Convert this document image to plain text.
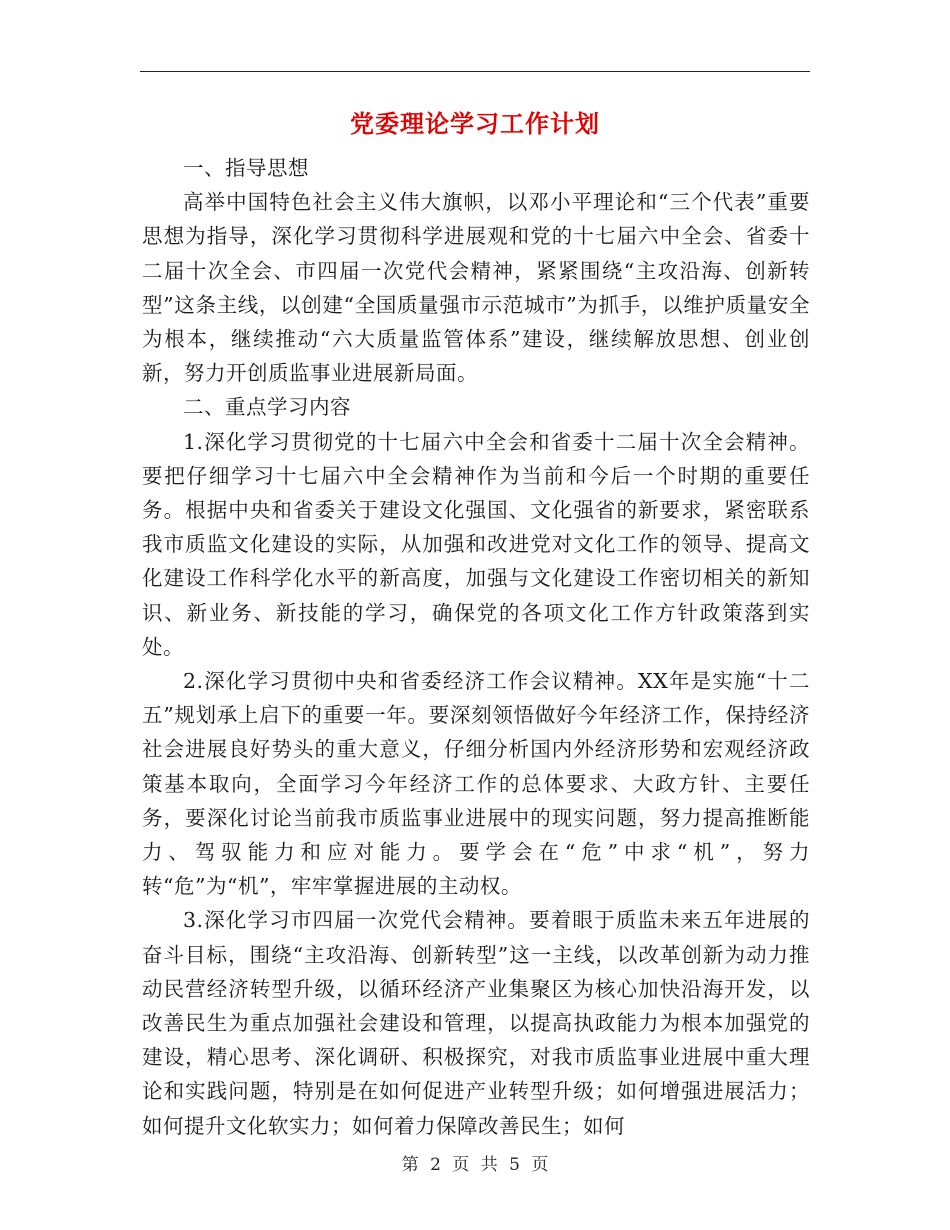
党委理论学习工作计划

一、指导思想

高举中国特色社会主义伟大旗帜，以邓小平理论和“三个代表”重要思想为指导，深化学习贯彻科学进展观和党的十七届六中全会、省委十二届十次全会、市四届一次党代会精神，紧紧围绕“主攻沿海、创新转型”这条主线，以创建“全国质量强市示范城市”为抓手，以维护质量安全为根本，继续推动“六大质量监管体系”建设，继续解放思想、创业创新，努力开创质监事业进展新局面。

二、重点学习内容

1.深化学习贯彻党的十七届六中全会和省委十二届十次全会精神。要把仔细学习十七届六中全会精神作为当前和今后一个时期的重要任务。根据中央和省委关于建设文化强国、文化强省的新要求，紧密联系我市质监文化建设的实际，从加强和改进党对文化工作的领导、提高文化建设工作科学化水平的新高度，加强与文化建设工作密切相关的新知识、新业务、新技能的学习，确保党的各项文化工作方针政策落到实处。

2.深化学习贯彻中央和省委经济工作会议精神。XX年是实施“十二五”规划承上启下的重要一年。要深刻领悟做好今年经济工作，保持经济社会进展良好势头的重大意义，仔细分析国内外经济形势和宏观经济政策基本取向，全面学习今年经济工作的总体要求、大政方针、主要任务，要深化讨论当前我市质监事业进展中的现实问题，努力提高推断能力、驾驭能力和应对能力。要学会在“危”中求“机”，努力转“危”为“机”，牢牢掌握进展的主动权。

3.深化学习市四届一次党代会精神。要着眼于质监未来五年进展的奋斗目标，围绕“主攻沿海、创新转型”这一主线，以改革创新为动力推动民营经济转型升级，以循环经济产业集聚区为核心加快沿海开发，以改善民生为重点加强社会建设和管理，以提高执政能力为根本加强党的建设，精心思考、深化调研、积极探究，对我市质监事业进展中重大理论和实践问题，特别是在如何促进产业转型升级；如何增强进展活力；如何提升文化软实力；如何着力保障改善民生；如何

第 2 页 共 5 页
